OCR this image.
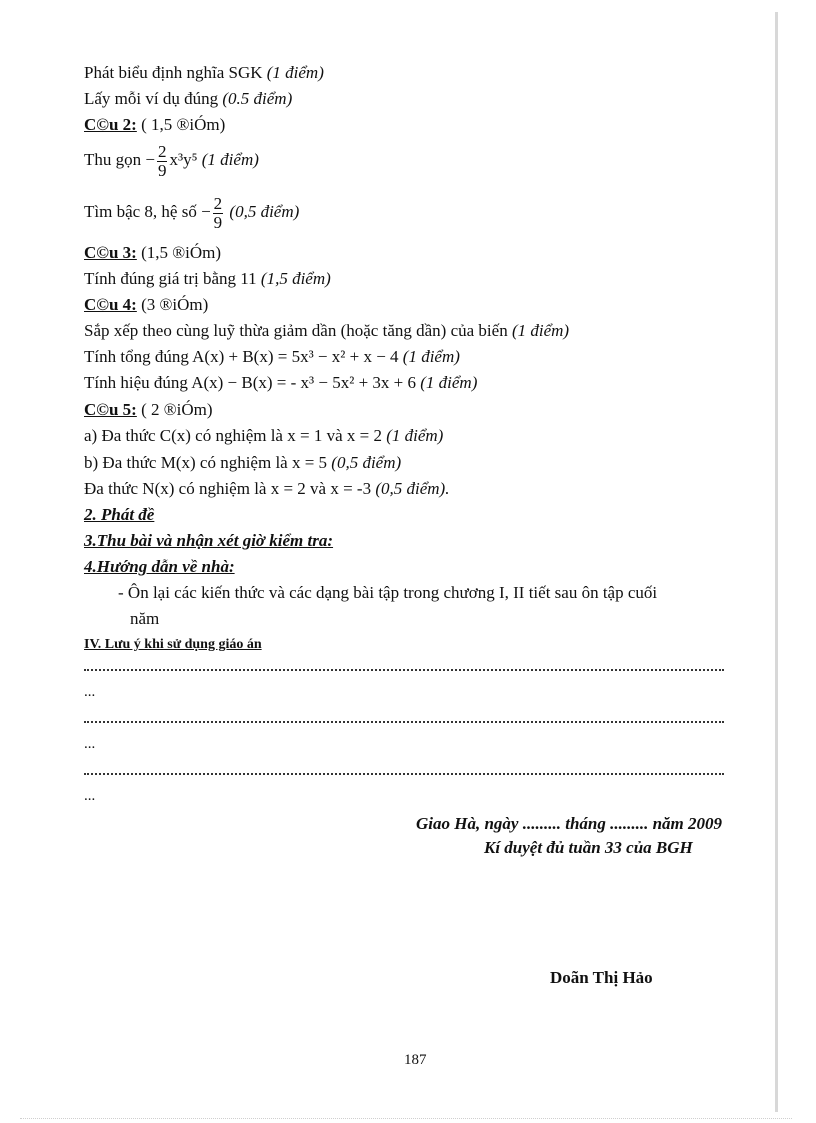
Phát biểu định nghĩa SGK (1 điểm)
Lấy mỗi ví dụ đúng (0.5 điểm)
C©u 2: ( 1,5 ®iÓm)
Thu gọn − $\frac{2}{9} x^3y^5$ (1 điểm)
Tìm bậc 8, hệ số − $\frac{2}{9} (0,5$ điểm)
C©u 3: (1,5 ®iÓm)
Tính đúng giá trị bằng 11 (1,5 điểm)
C©u 4: (3 ®iÓm)
Sắp xếp theo cùng luỹ thừa giảm dần (hoặc tăng dần) của biến (1 điểm)
Tính tổng đúng A(x) + B(x) = 5x³ − x² + x − 4 (1 điểm)
Tính hiệu đúng A(x) − B(x) = - x³ − 5x² + 3x + 6 (1 điểm)
C©u 5: ( 2 ®iÓm)
a) Đa thức C(x) có nghiệm là x = 1 và x = 2 (1 điểm)
b) Đa thức M(x) có nghiệm là x = 5 (0,5 điểm)
Đa thức N(x) có nghiệm là x = 2 và x = -3 (0,5 điểm).
2. Phát đề
3.Thu bài và nhận xét giờ kiểm tra:
4.Hướng dẫn về nhà:
- Ôn lại các kiến thức và các dạng bài tập trong chương I, II tiết sau ôn tập cuối
năm
IV. Lưu ý khi sử dụng giáo án
...
...
...
Giao Hà, ngày ......... tháng ......... năm 2009
Kí duyệt đủ tuần 33 của BGH
Doãn Thị Hảo
187
